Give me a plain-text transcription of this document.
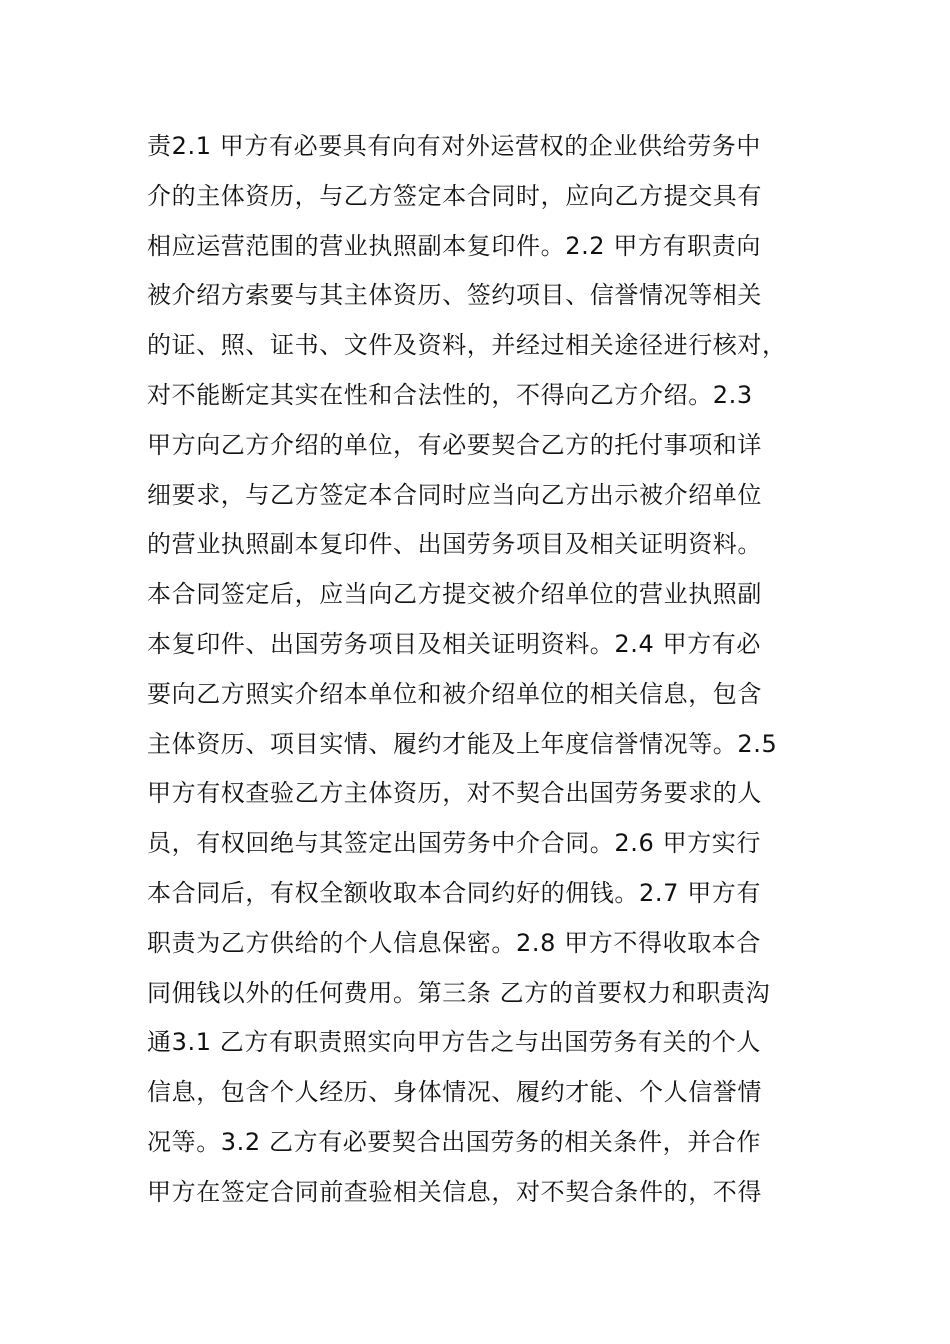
责2.1 甲方有必要具有向有对外运营权的企业供给劳务中
介的主体资历，与乙方签定本合同时，应向乙方提交具有
相应运营范围的营业执照副本复印件。2.2 甲方有职责向
被介绍方索要与其主体资历、签约项目、信誉情况等相关
的证、照、证书、文件及资料，并经过相关途径进行核对，
对不能断定其实在性和合法性的，不得向乙方介绍。2.3
甲方向乙方介绍的单位，有必要契合乙方的托付事项和详
细要求，与乙方签定本合同时应当向乙方出示被介绍单位
的营业执照副本复印件、出国劳务项目及相关证明资料。
本合同签定后，应当向乙方提交被介绍单位的营业执照副
本复印件、出国劳务项目及相关证明资料。2.4 甲方有必
要向乙方照实介绍本单位和被介绍单位的相关信息，包含
主体资历、项目实情、履约才能及上年度信誉情况等。2.5
甲方有权查验乙方主体资历，对不契合出国劳务要求的人
员，有权回绝与其签定出国劳务中介合同。2.6 甲方实行
本合同后，有权全额收取本合同约好的佣钱。2.7 甲方有
职责为乙方供给的个人信息保密。2.8 甲方不得收取本合
同佣钱以外的任何费用。第三条 乙方的首要权力和职责沟
通3.1 乙方有职责照实向甲方告之与出国劳务有关的个人
信息，包含个人经历、身体情况、履约才能、个人信誉情
况等。3.2 乙方有必要契合出国劳务的相关条件，并合作
甲方在签定合同前查验相关信息，对不契合条件的，不得
